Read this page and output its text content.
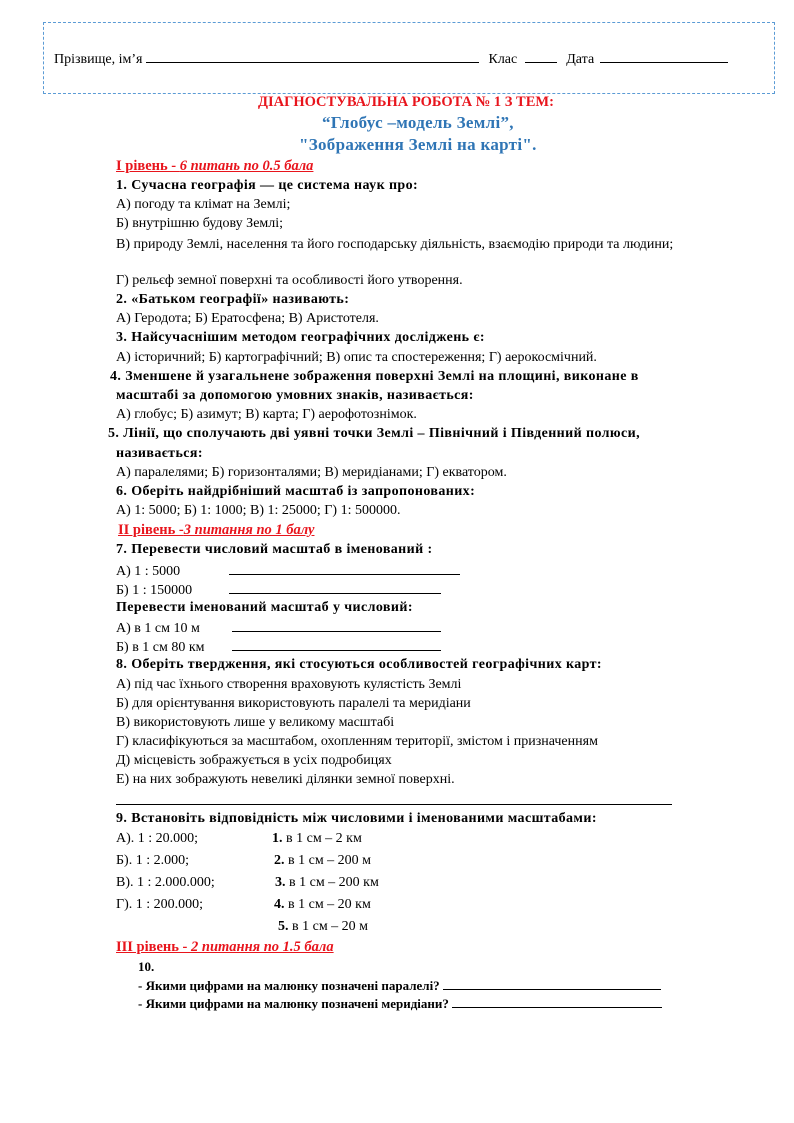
Прізвище, ім’я	Клас	Дата
ДІАГНОСТУВАЛЬНА РОБОТА № 1 З ТЕМ:
“Глобус –модель Землі”,
"Зображення Землі на карті".
І рівень - 6 питань по 0.5 бала
1. Сучасна географія — це система наук про:
А) погоду та клімат на Землі;
Б) внутрішню будову Землі;
В) природу Землі, населення та його господарську діяльність, взаємодію природи та людини;
Г) рельєф земної поверхні та особливості його утворення.
2. «Батьком географії» називають:
А) Геродота; Б) Ератосфена; В) Аристотеля.
3. Найсучаснішим методом географічних досліджень є:
А) історичний; Б) картографічний; В) опис та спостереження; Г) аерокосмічний.
4. Зменшене й узагальнене зображення поверхні Землі на площині, виконане в
масштабі за допомогою умовних знаків, називається:
А) глобус; Б) азимут; В) карта; Г) аерофотознімок.
5. Лінії, що сполучають дві уявні точки Землі – Північний і Південний полюси,
називається:
А) паралелями; Б) горизонталями; В) меридіанами; Г) екватором.
6. Оберіть найдрібніший масштаб із запропонованих:
А) 1: 5000; Б) 1: 1000; В) 1: 25000; Г) 1: 500000.
ІІ рівень -3 питання по 1 балу
7. Перевести числовий масштаб в іменований :
А) 1 : 5000
Б) 1 : 150000
Перевести іменований масштаб у числовий:
А) в 1 см 10 м
Б) в 1 см 80 км
8. Оберіть твердження, які стосуються особливостей географічних карт:
А) під час їхнього створення враховують кулястість Землі
Б) для орієнтування використовують паралелі та меридіани
В) використовують лише у великому масштабі
Г) класифікуються за масштабом, охопленням території, змістом і призначенням
Д) місцевість зображується в усіх подробицях
Е) на них зображують невеликі ділянки земної поверхні.
9. Встановіть відповідність між числовими і іменованими масштабами:
А). 1 : 20.000;
Б). 1 : 2.000;
В). 1 : 2.000.000;
Г). 1 : 200.000;
1. в 1 см – 2 км
2. в 1 см – 200 м
3. в 1 см – 200 км
4. в 1 см – 20 км
5. в 1 см – 20 м
ІІІ рівень - 2 питання по 1.5 бала
10.
- Якими цифрами на малюнку позначені паралелі?
- Якими цифрами на малюнку позначені меридіани?
